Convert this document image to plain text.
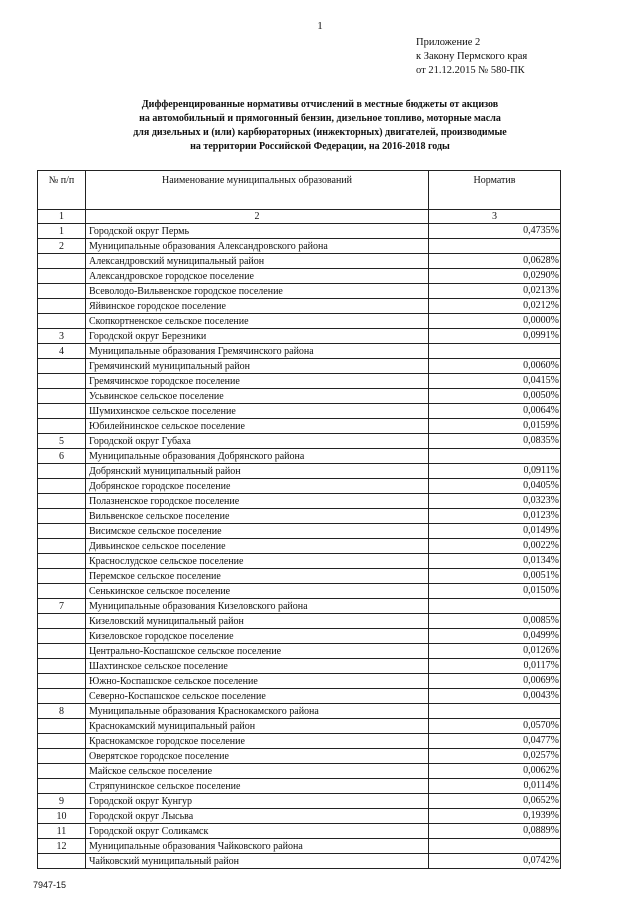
1
Приложение 2
к Закону Пермского края
от 21.12.2015 № 580-ПК
Дифференцированные нормативы отчислений в местные бюджеты от акцизов
на автомобильный и прямогонный бензин, дизельное топливо, моторные масла
для дизельных и (или) карбюраторных (инжекторных) двигателей, производимые
на территории Российской Федерации, на 2016-2018 годы
№ п/п	Наименование муниципальных образований	Норматив
1	2	3
1	Городской округ Пермь	0,4735%
2	Муниципальные образования Александровского района	
	Александровский муниципальный район	0,0628%
	Александровское городское поселение	0,0290%
	Всеволодо-Вильвенское городское поселение	0,0213%
	Яйвинское городское поселение	0,0212%
	Скопкортненское сельское поселение	0,0000%
3	Городской округ Березники	0,0991%
4	Муниципальные образования Гремячинского района	
	Гремячинский муниципальный район	0,0060%
	Гремячинское городское поселение	0,0415%
	Усьвинское сельское поселение	0,0050%
	Шумихинское сельское поселение	0,0064%
	Юбилейнинское сельское поселение	0,0159%
5	Городской округ Губаха	0,0835%
6	Муниципальные образования Добрянского района	
	Добрянский муниципальный район	0,0911%
	Добрянское городское поселение	0,0405%
	Полазненское городское поселение	0,0323%
	Вильвенское сельское поселение	0,0123%
	Висимское сельское поселение	0,0149%
	Дивьинское сельское поселение	0,0022%
	Краснослудское сельское поселение	0,0134%
	Перемское сельское поселение	0,0051%
	Сенькинское сельское поселение	0,0150%
7	Муниципальные образования Кизеловского района	
	Кизеловский муниципальный район	0,0085%
	Кизеловское городское поселение	0,0499%
	Центрально-Коспашское сельское поселение	0,0126%
	Шахтинское сельское поселение	0,0117%
	Южно-Коспашское сельское поселение	0,0069%
	Северно-Коспашское сельское поселение	0,0043%
8	Муниципальные образования Краснокамского района	
	Краснокамский муниципальный район	0,0570%
	Краснокамское городское поселение	0,0477%
	Оверятское городское поселение	0,0257%
	Майское сельское поселение	0,0062%
	Стряпунинское сельское поселение	0,0114%
9	Городской округ Кунгур	0,0652%
10	Городской округ Лысьва	0,1939%
11	Городской округ Соликамск	0,0889%
12	Муниципальные образования Чайковского района	
	Чайковский муниципальный район	0,0742%
7947-15
